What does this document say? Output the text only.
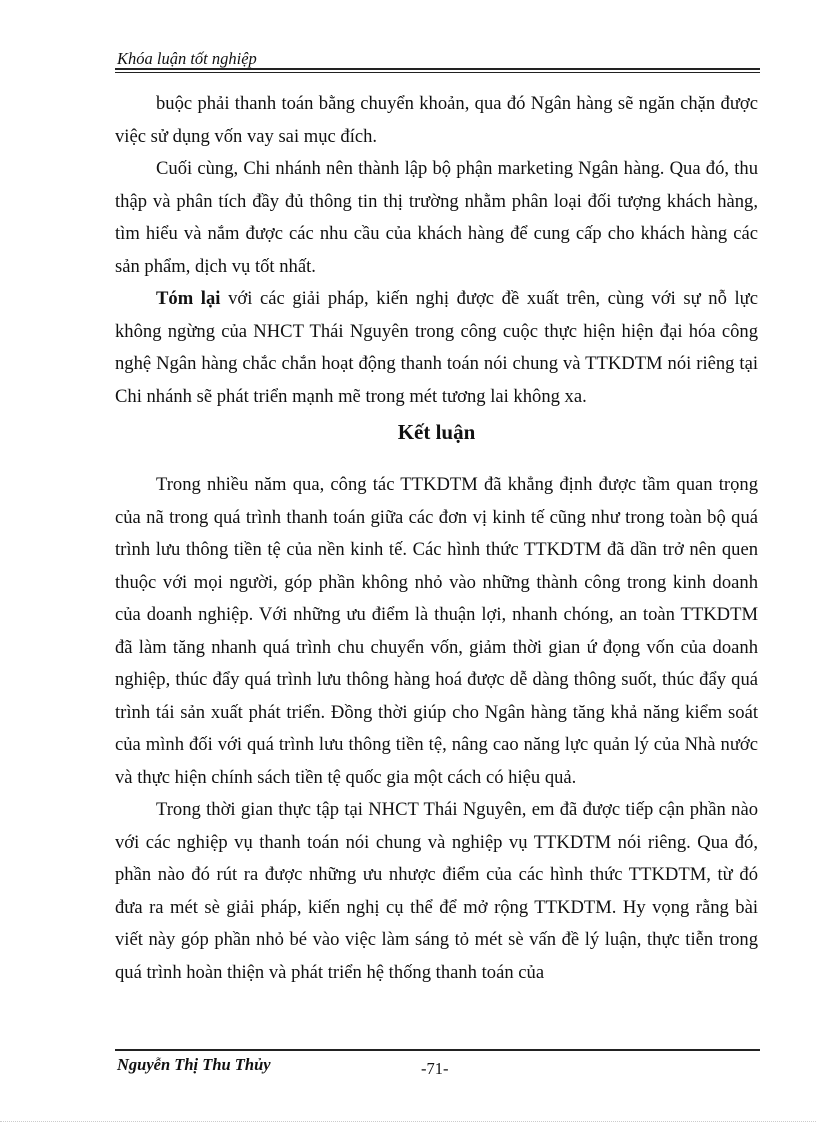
Khóa luận tốt nghiệp

buộc phải thanh toán bằng chuyển khoản, qua đó Ngân hàng sẽ ngăn chặn được việc sử dụng vốn vay sai mục đích.

Cuối cùng, Chi nhánh nên thành lập bộ phận marketing Ngân hàng. Qua đó, thu thập và phân tích đầy đủ thông tin thị trường nhằm phân loại đối tượng khách hàng, tìm hiểu và nắm được các nhu cầu của khách hàng để cung cấp cho khách hàng các sản phẩm, dịch vụ tốt nhất.

Tóm lại với các giải pháp, kiến nghị được đề xuất trên, cùng với sự nỗ lực không ngừng của NHCT Thái Nguyên trong công cuộc thực hiện hiện đại hóa công nghệ Ngân hàng chắc chắn hoạt động thanh toán nói chung và TTKDTM nói riêng tại Chi nhánh sẽ phát triển mạnh mẽ trong mét tương lai không xa.

Kết luận

Trong nhiều năm qua, công tác TTKDTM đã khẳng định được tầm quan trọng của nã trong quá trình thanh toán giữa các đơn vị kinh tế cũng như trong toàn bộ quá trình lưu thông tiền tệ của nền kinh tế. Các hình thức TTKDTM đã dần trở nên quen thuộc với mọi người, góp phần không nhỏ vào những thành công trong kinh doanh của doanh nghiệp. Với những ưu điểm là thuận lợi, nhanh chóng, an toàn TTKDTM đã làm tăng nhanh quá trình chu chuyển vốn, giảm thời gian ứ đọng vốn của doanh nghiệp, thúc đẩy quá trình lưu thông hàng hoá được dễ dàng thông suốt, thúc đẩy quá trình tái sản xuất phát triển. Đồng thời giúp cho Ngân hàng tăng khả năng kiểm soát của mình đối với quá trình lưu thông tiền tệ, nâng cao năng lực quản lý của Nhà nước và thực hiện chính sách tiền tệ quốc gia một cách có hiệu quả.

Trong thời gian thực tập tại NHCT Thái Nguyên, em đã được tiếp cận phần nào với các nghiệp vụ thanh toán nói chung và nghiệp vụ TTKDTM nói riêng. Qua đó, phần nào đó rút ra được những ưu nhược điểm của các hình thức TTKDTM, từ đó đưa ra mét sè giải pháp, kiến nghị cụ thể để mở rộng TTKDTM. Hy vọng rằng bài viết này góp phần nhỏ bé vào việc làm sáng tỏ mét sè vấn đề lý luận, thực tiễn trong quá trình hoàn thiện và phát triển hệ thống thanh toán của

Nguyễn Thị Thu Thủy	-71-
